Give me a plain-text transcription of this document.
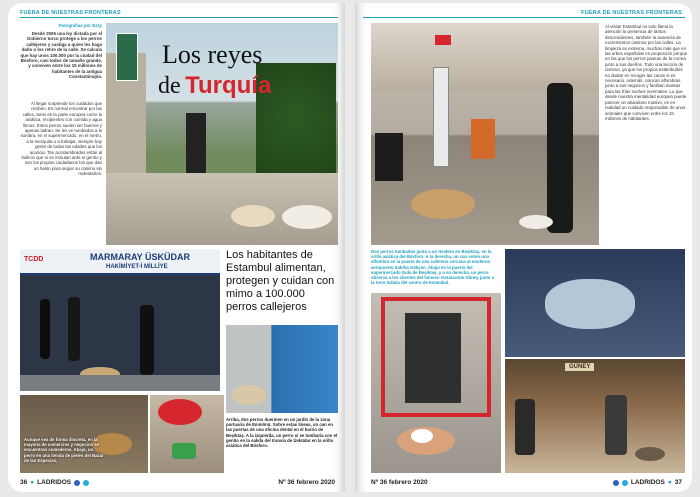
FUERA DE NUESTRAS FRONTERAS
Fotografías por Ezzy
Desde 2006 una ley dictada por el Gobierno turco protege a los perros callejeros y castiga a quien les haga daño o los retire de la calle. Se calcula que hay unos 100.000 por la ciudad del Bósforo, casi todos de tamaño grande, y conviven entre los 15 millones de habitantes de la antigua Constantinopla.
Al llegar sorprende los cuidados que reciben. Es normal encontrar por las calles, tanto en la parte europea como la asiática, recipientes con comida y agua llenos. Estos perros suelen ser buenos y apenas ladran. Se les ve tumbados a la sombra, en el supermercado, en el metro, a la mezquita o a trabajar, siempre hay gente de todas las edades que los acaricia. Tan acostumbrados están al bullicio que ni se inmutan ante el gentío y son los propios ciudadanos los que dan un halón para seguir su camino sin molestarlos.
Los reyes
de Turquía
TCDD	MARMARAY ÜSKÜDAR
HAKİMİYET-İ MİLLİYE
Los habitantes de Estambul alimentan, protegen y cuidan con mimo a 100.000 perros callejeros
Aunque sea de forma discreta, en la mayoría de comercios y negocios se encuentran comederos. Abajo, un perro en una tienda de pieles del Bazar de las Especias.
Arriba, dos perros duermen en un jardín de la zona portuaria de Eminönü. Sobre estas líneas, un can en las puertas de una oficina dental en el barrio de Beşiktaş. A la izquierda, un perro sí se tumbaría con el gentío en la salida del tranvía de Üsküdar en la orilla asiática del Bósforo.
36 ● LADRIDOS	Nº 36 febrero 2020
FUERA DE NUESTRAS FRONTERAS
Al visitar Estambul no solo llama la atención la presencia de tantos descendientes, también la ausencia de excrementos caninos por las calles. La limpieza es extrema, muchas más que en las urbes españolas en proporción porque en las que los perros pasean de la correa junto a sus dueños. Todo una lección de civismo, ya que los propios estambulíes no dudan en recoger las cacas si es necesario. Además, colocan alfombras junto a sus negocios y facilitan mantas para las frías noches invernales. Lo que desde nuestra mentalidad europea puede parecer un abandono masivo, es en realidad un cuidado responsable de unos animales que conviven entre los 15 millones de habitantes.
Dos perros tumbados junto a un tendero en Beşiktaş, en la orilla asiática del Bósforo. A la derecha, un can sobre una alfombra en la puerta de una cafetería cercana al moderno aeropuerto Sabiha Gökçen. Abajo en la puerta del supermercado Gıda de Beşiktaş, y a su derecha, un perro observa a los clientes del famoso restaurante Güney junto a la torre Gálata del centro de Estambul.
GÜNEY
Nº 36 febrero 2020	LADRIDOS ● 37
